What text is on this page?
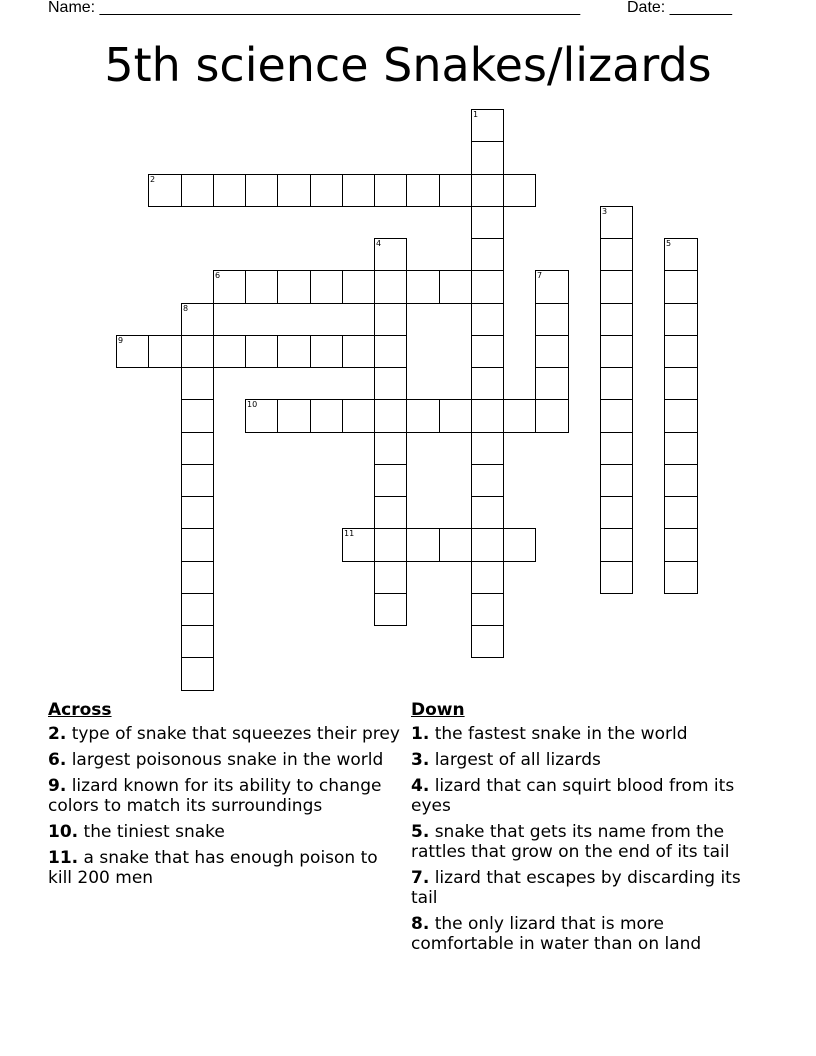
Name: ______________________________________________________	Date: _______
5th science Snakes/lizards
1
2
3
4	5
6	7
8
9
10
11
Across
2. type of snake that squeezes their prey
6. largest poisonous snake in the world
9. lizard known for its ability to change colors to match its surroundings
10. the tiniest snake
11. a snake that has enough poison to kill 200 men
Down
1. the fastest snake in the world
3. largest of all lizards
4. lizard that can squirt blood from its eyes
5. snake that gets its name from the rattles that grow on the end of its tail
7. lizard that escapes by discarding its tail
8. the only lizard that is more comfortable in water than on land
